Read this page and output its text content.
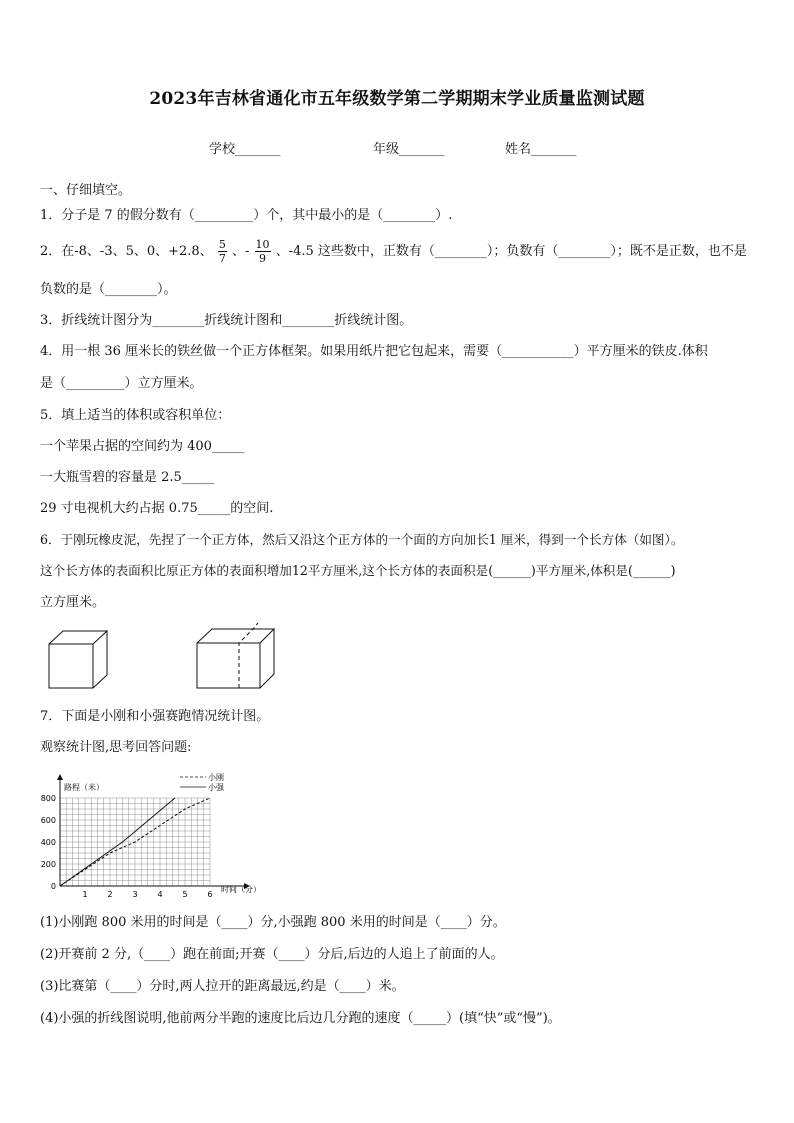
2023年吉林省通化市五年级数学第二学期期末学业质量监测试题
学校_______	年级_______	姓名_______
一、仔细填空。
1．分子是 7 的假分数有（_________）个，其中最小的是（________）.
2．在-8、-3、5、0、+2.8、 $\frac{5}{7}$ 、- $\frac{10}{9}$ 、-4.5 这些数中，正数有（________）；负数有（________）；既不是正数，也不是
负数的是（________）。
3．折线统计图分为________折线统计图和________折线统计图。
4．用一根 36 厘米长的铁丝做一个正方体框架。如果用纸片把它包起来，需要（___________）平方厘米的铁皮.体积
是（_________）立方厘米。
5．填上适当的体积或容积单位：
一个苹果占据的空间约为 400_____
一大瓶雪碧的容量是 2.5_____
29 寸电视机大约占据 0.75_____的空间.
6．于刚玩橡皮泥，先捏了一个正方体，然后又沿这个正方体的一个面的方向加长1 厘米，得到一个长方体（如图）。
这个长方体的表面积比原正方体的表面积增加12平方厘米,这个长方体的表面积是(______)平方厘米,体积是(______)
立方厘米。
7．下面是小刚和小强赛跑情况统计图。
观察统计图,思考回答问题:
路程（米）
时间（分）
0
200
400
600
800
1 2 3 4 5 6
小刚
小强
(1)小刚跑 800 米用的时间是（____）分,小强跑 800 米用的时间是（____）分。
(2)开赛前 2 分,（____）跑在前面;开赛（____）分后,后边的人追上了前面的人。
(3)比赛第（____）分时,两人拉开的距离最远,约是（____）米。
(4)小强的折线图说明,他前两分半跑的速度比后边几分跑的速度（_____）(填“快”或“慢”)。
